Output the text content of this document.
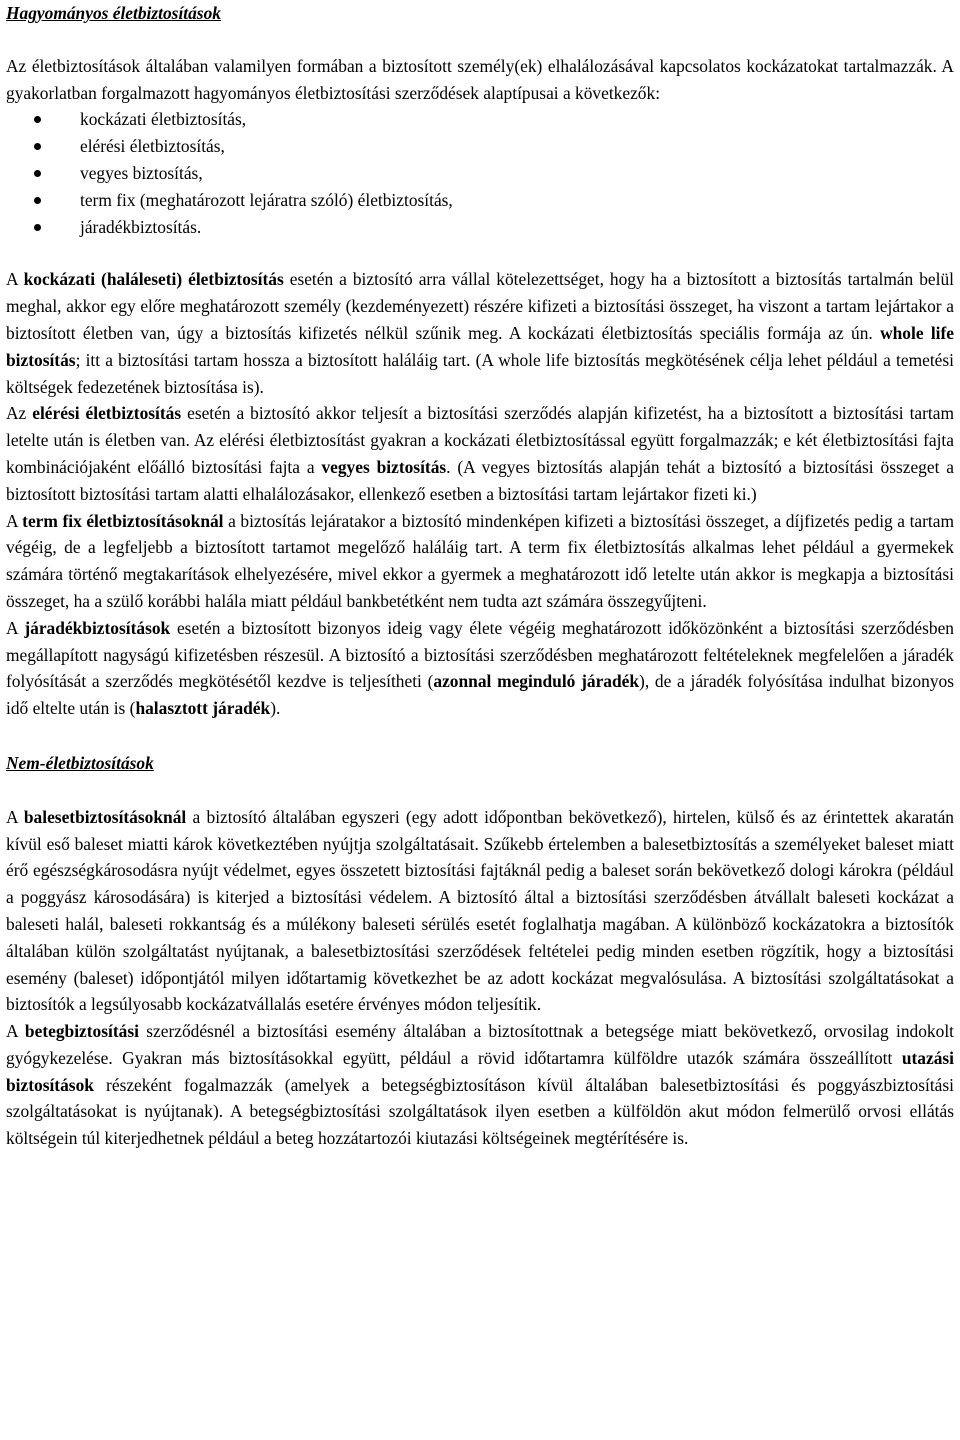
Hagyományos életbiztosítások

Az életbiztosítások általában valamilyen formában a biztosított személy(ek) elhalálozásával kapcsolatos kockázatokat tartalmazzák. A gyakorlatban forgalmazott hagyományos életbiztosítási szerződések alaptípusai a következők:

kockázati életbiztosítás,
elérési életbiztosítás,
vegyes biztosítás,
term fix (meghatározott lejáratra szóló) életbiztosítás,
járadékbiztosítás.

A kockázati (haláleseti) életbiztosítás esetén a biztosító arra vállal kötelezettséget, hogy ha a biztosított a biztosítás tartalmán belül meghal, akkor egy előre meghatározott személy (kezdeményezett) részére kifizeti a biztosítási összeget, ha viszont a tartam lejártakor a biztosított életben van, úgy a biztosítás kifizetés nélkül szűnik meg. A kockázati életbiztosítás speciális formája az ún. whole life biztosítás; itt a biztosítási tartam hossza a biztosított haláláig tart. (A whole life biztosítás megkötésének célja lehet például a temetési költségek fedezetének biztosítása is).

Az elérési életbiztosítás esetén a biztosító akkor teljesít a biztosítási szerződés alapján kifizetést, ha a biztosított a biztosítási tartam letelte után is életben van. Az elérési életbiztosítást gyakran a kockázati életbiztosítással együtt forgalmazzák; e két életbiztosítási fajta kombinációjaként előálló biztosítási fajta a vegyes biztosítás. (A vegyes biztosítás alapján tehát a biztosító a biztosítási összeget a biztosított biztosítási tartam alatti elhalálozásakor, ellenkező esetben a biztosítási tartam lejártakor fizeti ki.)

A term fix életbiztosításoknál a biztosítás lejáratakor a biztosító mindenképen kifizeti a biztosítási összeget, a díjfizetés pedig a tartam végéig, de a legfeljebb a biztosított tartamot megelőző haláláig tart. A term fix életbiztosítás alkalmas lehet például a gyermekek számára történő megtakarítások elhelyezésére, mivel ekkor a gyermek a meghatározott idő letelte után akkor is megkapja a biztosítási összeget, ha a szülő korábbi halála miatt például bankbetétként nem tudta azt számára összegyűjteni.

A járadékbiztosítások esetén a biztosított bizonyos ideig vagy élete végéig meghatározott időközönként a biztosítási szerződésben megállapított nagyságú kifizetésben részesül. A biztosító a biztosítási szerződésben meghatározott feltételeknek megfelelően a járadék folyósítását a szerződés megkötésétől kezdve is teljesítheti (azonnal meginduló járadék), de a járadék folyósítása indulhat bizonyos idő eltelte után is (halasztott járadék).

Nem-életbiztosítások

A balesetbiztosításoknál a biztosító általában egyszeri (egy adott időpontban bekövetkező), hirtelen, külső és az érintettek akaratán kívül eső baleset miatti károk következtében nyújtja szolgáltatásait. Szűkebb értelemben a balesetbiztosítás a személyeket baleset miatt érő egészségkárosodásra nyújt védelmet, egyes összetett biztosítási fajtáknál pedig a baleset során bekövetkező dologi károkra (például a poggyász károsodására) is kiterjed a biztosítási védelem. A biztosító által a biztosítási szerződésben átvállalt baleseti kockázat a baleseti halál, baleseti rokkantság és a múlékony baleseti sérülés esetét foglalhatja magában. A különböző kockázatokra a biztosítók általában külön szolgáltatást nyújtanak, a balesetbiztosítási szerződések feltételei pedig minden esetben rögzítik, hogy a biztosítási esemény (baleset) időpontjától milyen időtartamig következhet be az adott kockázat megvalósulása. A biztosítási szolgáltatásokat a biztosítók a legsúlyosabb kockázatvállalás esetére érvényes módon teljesítik.

A betegbiztosítási szerződésnél a biztosítási esemény általában a biztosítottnak a betegsége miatt bekövetkező, orvosilag indokolt gyógykezelése. Gyakran más biztosításokkal együtt, például a rövid időtartamra külföldre utazók számára összeállított utazási biztosítások részeként fogalmazzák (amelyek a betegségbiztosításon kívül általában balesetbiztosítási és poggyászbiztosítási szolgáltatásokat is nyújtanak). A betegségbiztosítási szolgáltatások ilyen esetben a külföldön akut módon felmerülő orvosi ellátás költségein túl kiterjedhetnek például a beteg hozzátartozói kiutazási költségeinek megtérítésére is.
